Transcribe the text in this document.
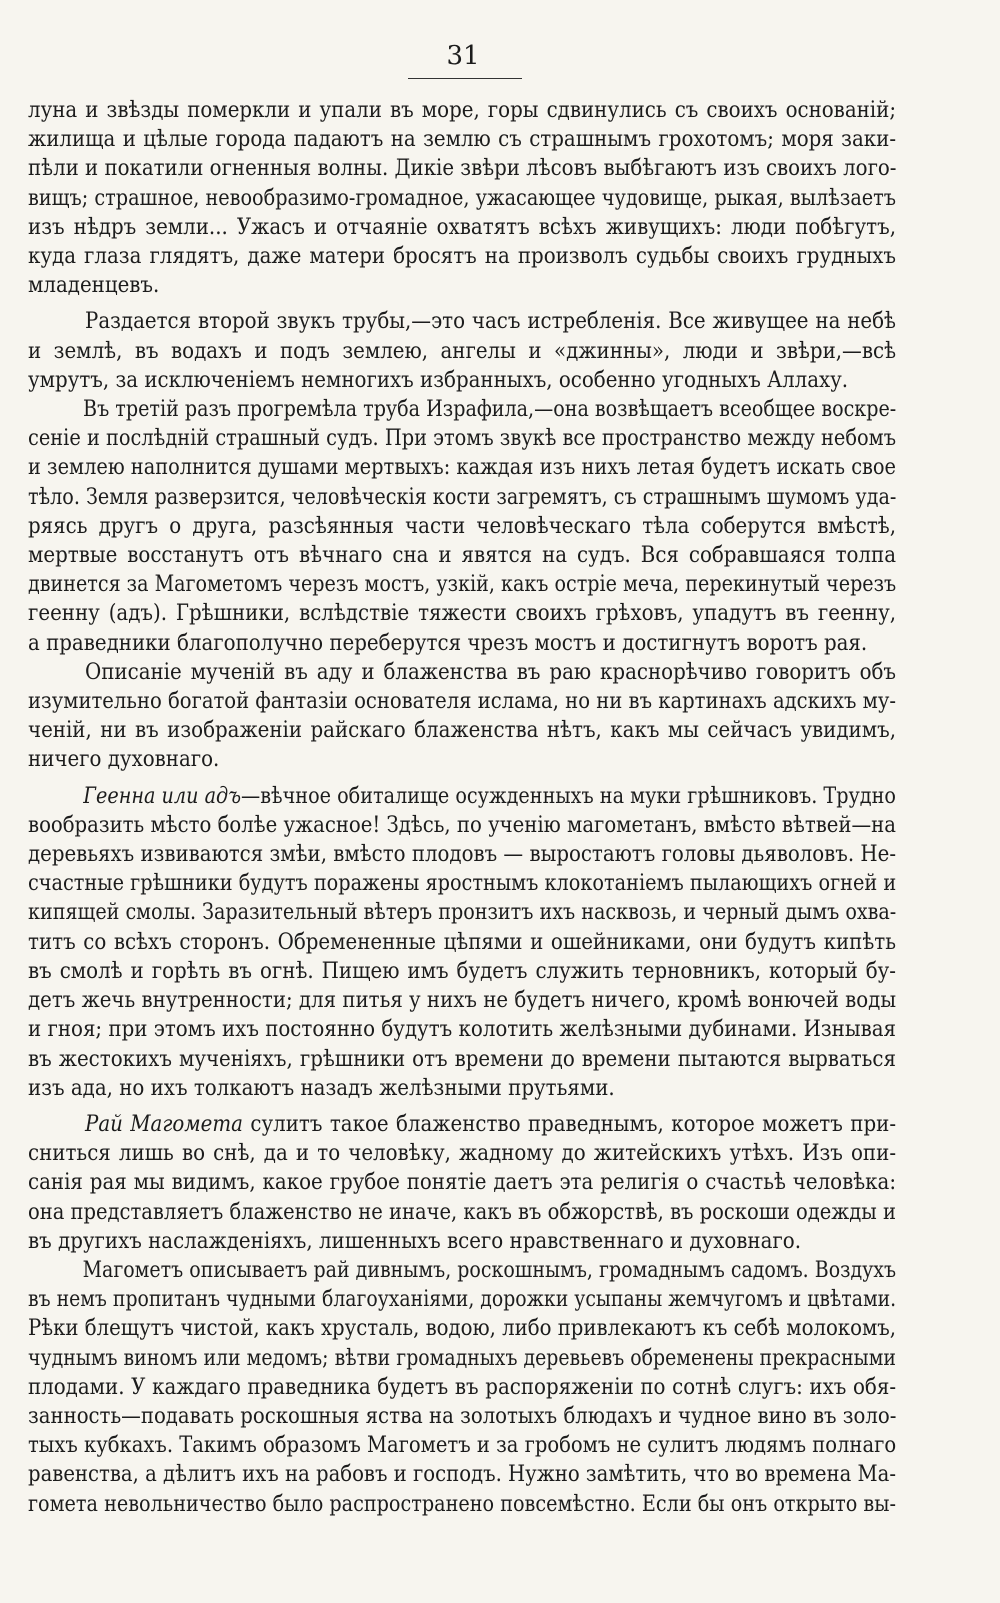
31
луна и звѣзды померкли и упали въ море, горы сдвинулись съ своихъ основаній;
жилища и цѣлые города падаютъ на землю съ страшнымъ грохотомъ; моря заки-
пѣли и покатили огненныя волны. Дикіе звѣри лѣсовъ выбѣгаютъ изъ своихъ лого-
вищъ; страшное, невообразимо-громадное, ужасающее чудовище, рыкая, вылѣзаетъ
изъ нѣдръ земли... Ужасъ и отчаяніе охватятъ всѣхъ живущихъ: люди побѣгутъ,
куда глаза глядятъ, даже матери бросятъ на произволъ судьбы своихъ грудныхъ
младенцевъ.
Раздается второй звукъ трубы,—это часъ истребленія. Все живущее на небѣ
и землѣ, въ водахъ и подъ землею, ангелы и «джинны», люди и звѣри,—всѣ
умрутъ, за исключеніемъ немногихъ избранныхъ, особенно угодныхъ Аллаху.
Въ третій разъ прогремѣла труба Израфила,—она возвѣщаетъ всеобщее воскре-
сеніе и послѣдній страшный судъ. При этомъ звукѣ все пространство между небомъ
и землею наполнится душами мертвыхъ: каждая изъ нихъ летая будетъ искать свое
тѣло. Земля разверзится, человѣческія кости загремятъ, съ страшнымъ шумомъ уда-
ряясь другъ о друга, разсѣянныя части человѣческаго тѣла соберутся вмѣстѣ,
мертвые восстанутъ отъ вѣчнаго сна и явятся на судъ. Вся собравшаяся толпа
двинется за Магометомъ черезъ мостъ, узкій, какъ остріе меча, перекинутый черезъ
геенну (адъ). Грѣшники, вслѣдствіе тяжести своихъ грѣховъ, упадутъ въ геенну,
а праведники благополучно переберутся чрезъ мостъ и достигнутъ воротъ рая.
Описаніе мученій въ аду и блаженства въ раю краснорѣчиво говоритъ объ
изумительно богатой фантазіи основателя ислама, но ни въ картинахъ адскихъ му-
ченій, ни въ изображеніи райскаго блаженства нѣтъ, какъ мы сейчасъ увидимъ,
ничего духовнаго.
Геенна или адъ—вѣчное обиталище осужденныхъ на муки грѣшниковъ. Трудно
вообразить мѣсто болѣе ужасное! Здѣсь, по ученію магометанъ, вмѣсто вѣтвей—на
деревьяхъ извиваются змѣи, вмѣсто плодовъ — выростаютъ головы дьяволовъ. Не-
счастные грѣшники будутъ поражены яростнымъ клокотаніемъ пылающихъ огней и
кипящей смолы. Заразительный вѣтеръ пронзитъ ихъ насквозь, и черный дымъ охва-
титъ со всѣхъ сторонъ. Обремененные цѣпями и ошейниками, они будутъ кипѣть
въ смолѣ и горѣть въ огнѣ. Пищею имъ будетъ служить терновникъ, который бу-
детъ жечь внутренности; для питья у нихъ не будетъ ничего, кромѣ вонючей воды
и гноя; при этомъ ихъ постоянно будутъ колотить желѣзными дубинами. Изнывая
въ жестокихъ мученіяхъ, грѣшники отъ времени до времени пытаются вырваться
изъ ада, но ихъ толкаютъ назадъ желѣзными прутьями.
Рай Магомета сулитъ такое блаженство праведнымъ, которое можетъ при-
сниться лишь во снѣ, да и то человѣку, жадному до житейскихъ утѣхъ. Изъ опи-
санія рая мы видимъ, какое грубое понятіе даетъ эта религія о счастьѣ человѣка:
она представляетъ блаженство не иначе, какъ въ обжорствѣ, въ роскоши одежды и
въ другихъ наслажденіяхъ, лишенныхъ всего нравственнаго и духовнаго.
Магометъ описываетъ рай дивнымъ, роскошнымъ, громаднымъ садомъ. Воздухъ
въ немъ пропитанъ чудными благоуханіями, дорожки усыпаны жемчугомъ и цвѣтами.
Рѣки блещутъ чистой, какъ хрусталь, водою, либо привлекаютъ къ себѣ молокомъ,
чуднымъ виномъ или медомъ; вѣтви громадныхъ деревьевъ обременены прекрасными
плодами. У каждаго праведника будетъ въ распоряженіи по сотнѣ слугъ: ихъ обя-
занность—подавать роскошныя яства на золотыхъ блюдахъ и чудное вино въ золо-
тыхъ кубкахъ. Такимъ образомъ Магометъ и за гробомъ не сулитъ людямъ полнаго
равенства, а дѣлитъ ихъ на рабовъ и господъ. Нужно замѣтить, что во времена Ма-
гомета невольничество было распространено повсемѣстно. Если бы онъ открыто вы-
